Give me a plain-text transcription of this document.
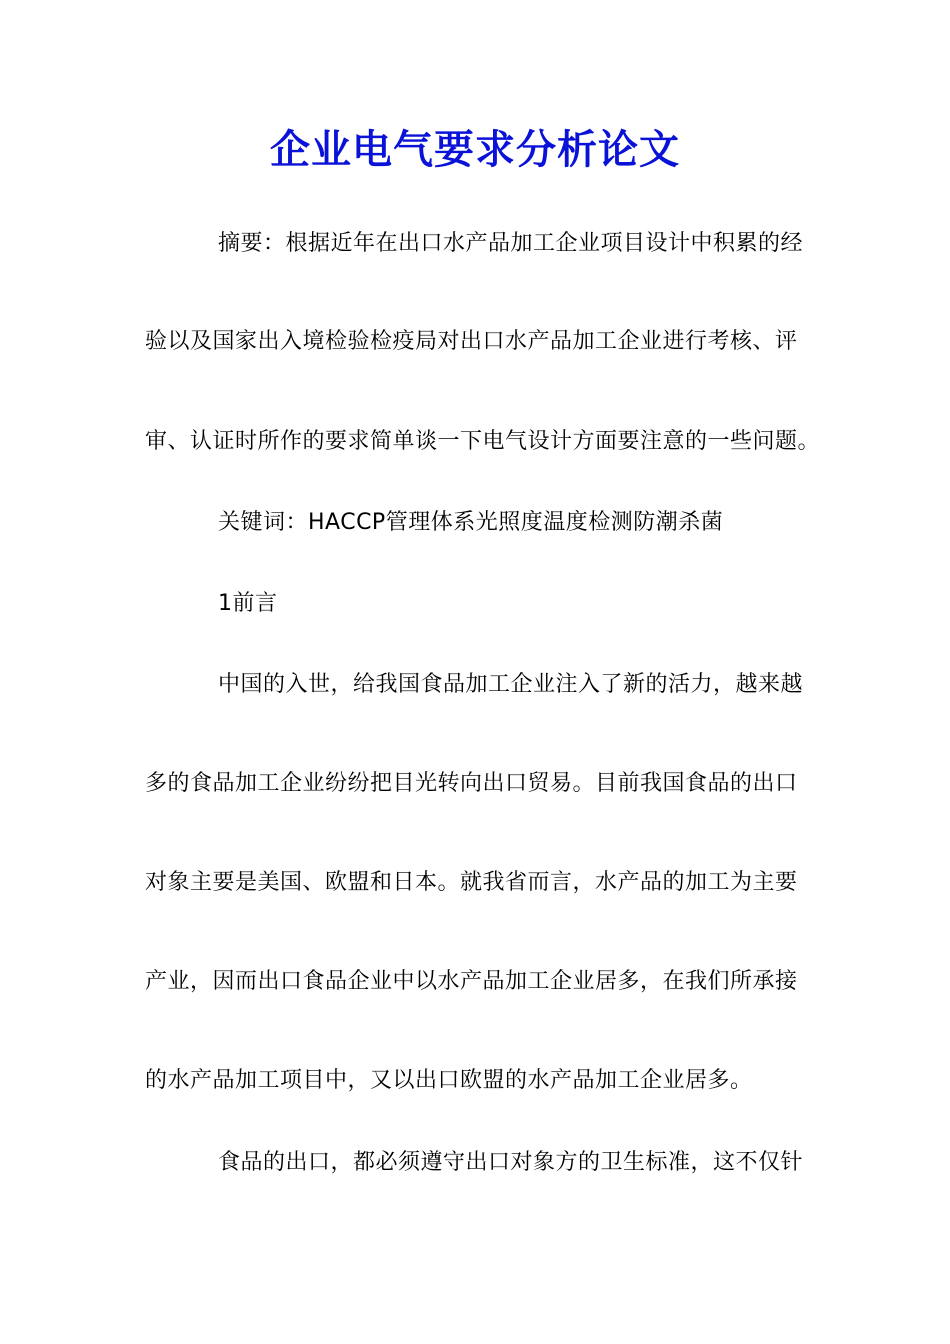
企业电气要求分析论文
摘要：根据近年在出口水产品加工企业项目设计中积累的经
验以及国家出入境检验检疫局对出口水产品加工企业进行考核、评
审、认证时所作的要求简单谈一下电气设计方面要注意的一些问题。
关键词：HACCP管理体系光照度温度检测防潮杀菌
1前言
中国的入世，给我国食品加工企业注入了新的活力，越来越
多的食品加工企业纷纷把目光转向出口贸易。目前我国食品的出口
对象主要是美国、欧盟和日本。就我省而言，水产品的加工为主要
产业，因而出口食品企业中以水产品加工企业居多，在我们所承接
的水产品加工项目中，又以出口欧盟的水产品加工企业居多。
食品的出口，都必须遵守出口对象方的卫生标准，这不仅针
